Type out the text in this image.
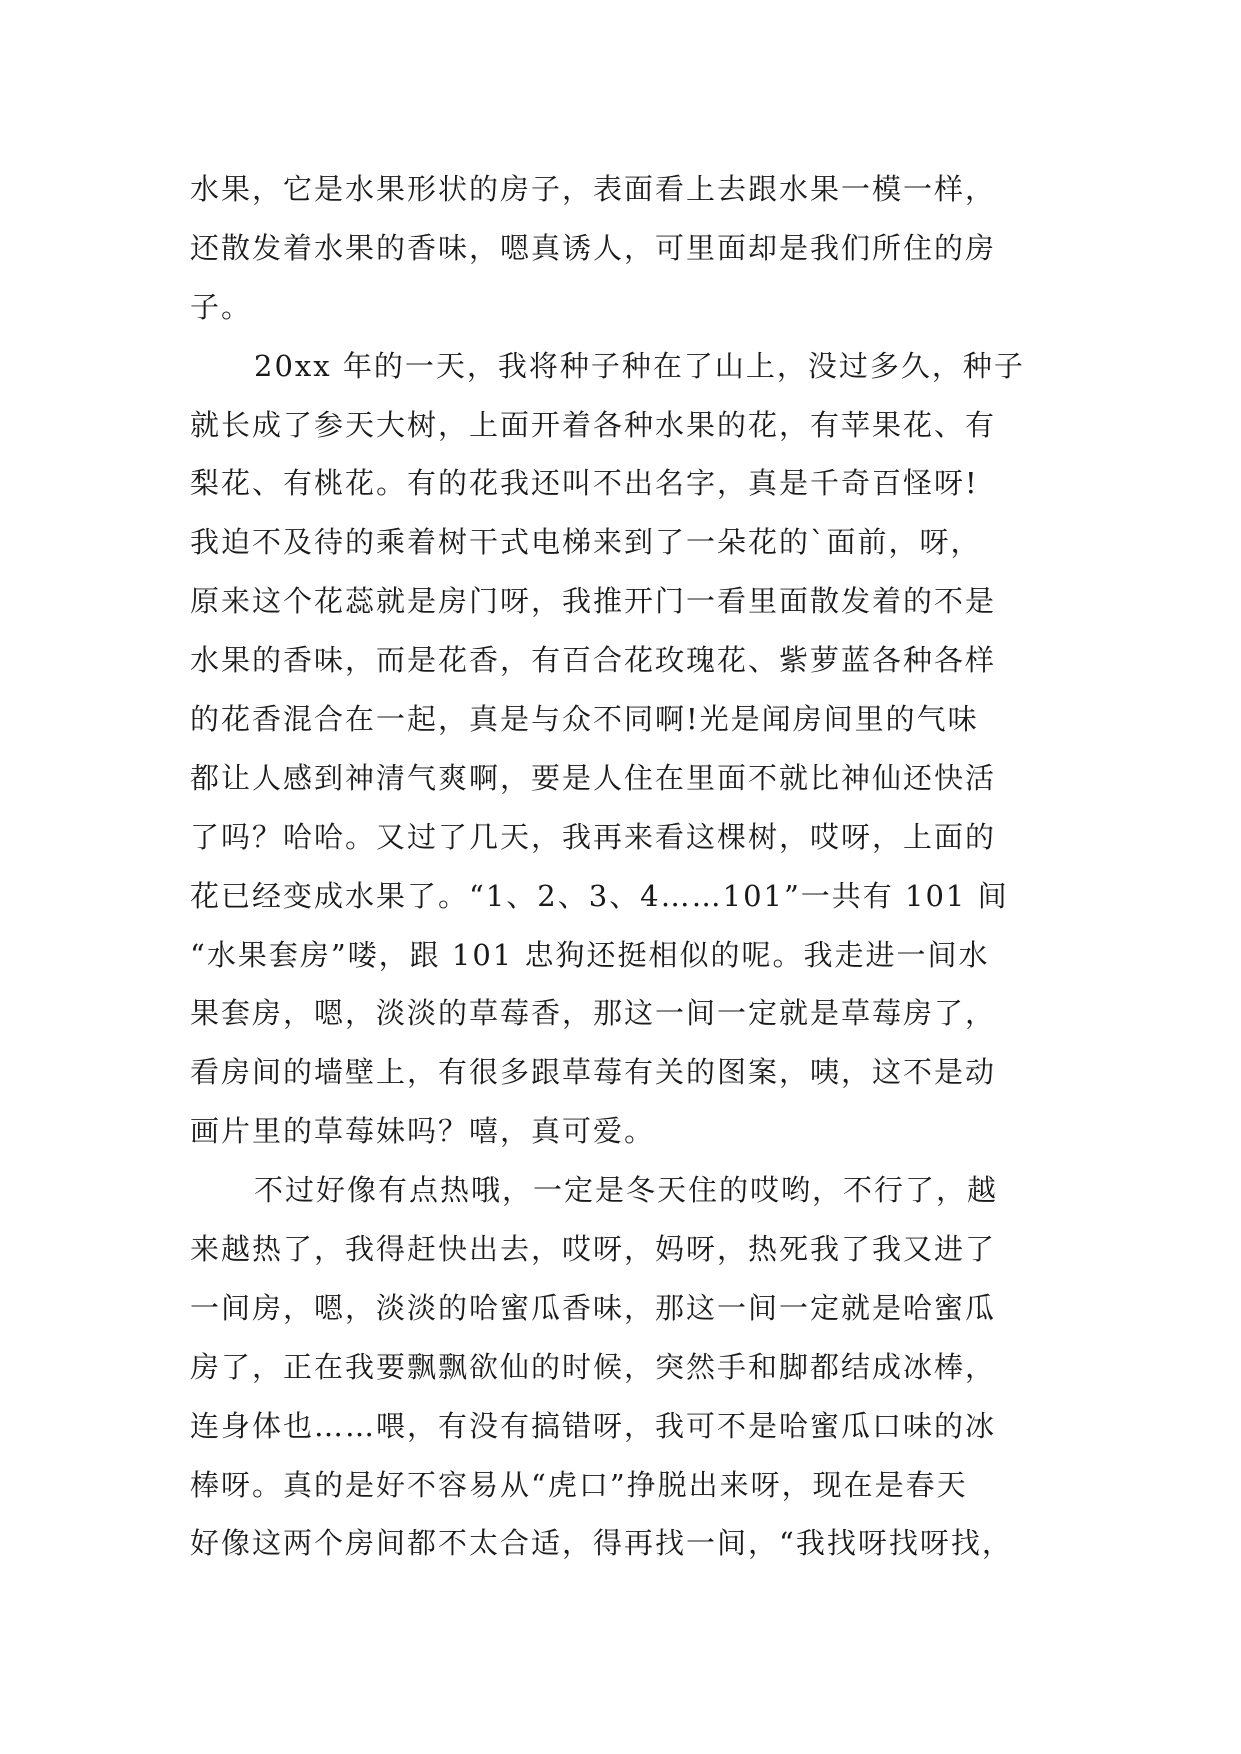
水果，它是水果形状的房子，表面看上去跟水果一模一样，
还散发着水果的香味，嗯真诱人，可里面却是我们所住的房
子。
20xx 年的一天，我将种子种在了山上，没过多久，种子
就长成了参天大树，上面开着各种水果的花，有苹果花、有
梨花、有桃花。有的花我还叫不出名字，真是千奇百怪呀!
我迫不及待的乘着树干式电梯来到了一朵花的`面前，呀，
原来这个花蕊就是房门呀，我推开门一看里面散发着的不是
水果的香味，而是花香，有百合花玫瑰花、紫萝蓝各种各样
的花香混合在一起，真是与众不同啊!光是闻房间里的气味
都让人感到神清气爽啊，要是人住在里面不就比神仙还快活
了吗？哈哈。又过了几天，我再来看这棵树，哎呀，上面的
花已经变成水果了。“1、2、3、4……101”一共有 101 间
“水果套房”喽，跟 101 忠狗还挺相似的呢。我走进一间水
果套房，嗯，淡淡的草莓香，那这一间一定就是草莓房了，
看房间的墙壁上，有很多跟草莓有关的图案，咦，这不是动
画片里的草莓妹吗？嘻，真可爱。
不过好像有点热哦，一定是冬天住的哎哟，不行了，越
来越热了，我得赶快出去，哎呀，妈呀，热死我了我又进了
一间房，嗯，淡淡的哈蜜瓜香味，那这一间一定就是哈蜜瓜
房了，正在我要飘飘欲仙的时候，突然手和脚都结成冰棒，
连身体也……喂，有没有搞错呀，我可不是哈蜜瓜口味的冰
棒呀。真的是好不容易从“虎口”挣脱出来呀，现在是春天
好像这两个房间都不太合适，得再找一间，“我找呀找呀找，
